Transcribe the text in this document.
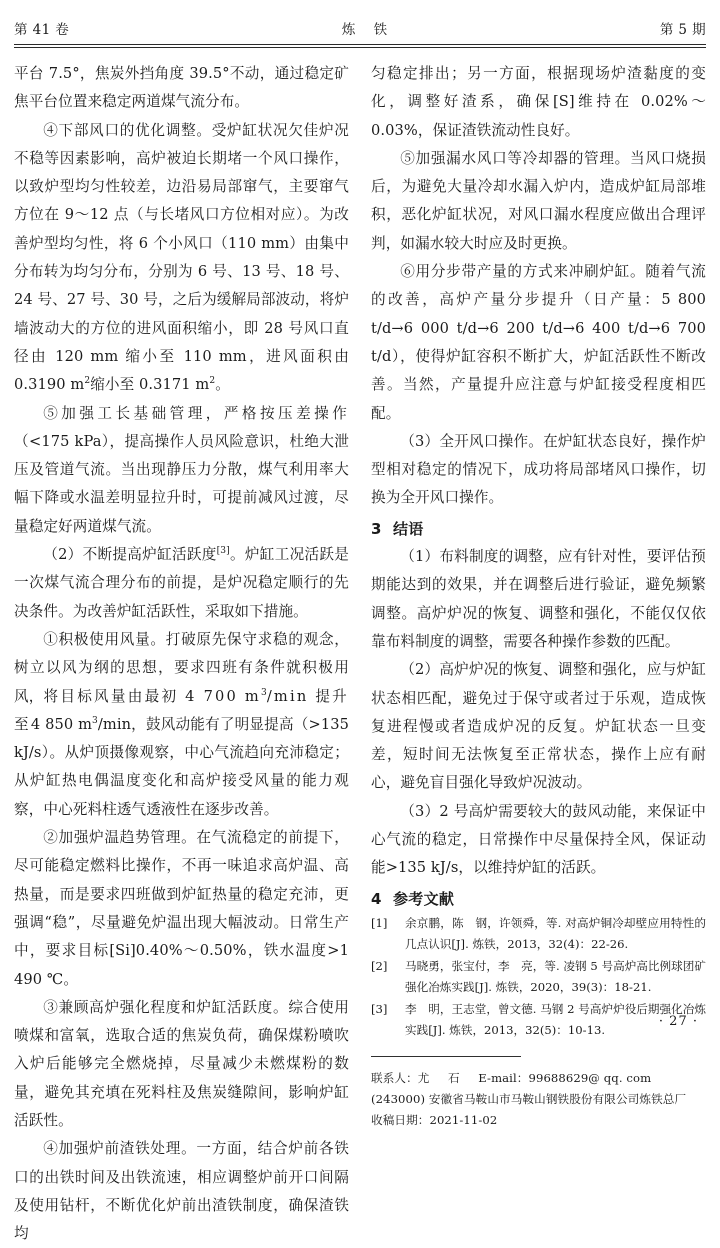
第 41 卷	炼 铁	第 5 期

平台 7.5°，焦炭外挡角度 39.5°不动，通过稳定矿焦平台位置来稳定两道煤气流分布。

④下部风口的优化调整。受炉缸状况欠佳炉况不稳等因素影响，高炉被迫长期堵一个风口操作，以致炉型均匀性较差，边沿易局部窜气，主要窜气方位在 9～12 点（与长堵风口方位相对应）。为改善炉型均匀性，将 6 个小风口（110 mm）由集中分布转为均匀分布，分别为 6 号、13 号、18 号、24 号、27 号、30 号，之后为缓解局部波动，将炉墙波动大的方位的进风面积缩小，即 28 号风口直径由 120 mm 缩小至 110 mm，进风面积由 0.3190 $m^2$缩小至 0.3171 $m^2$。

⑤加强工长基础管理，严格按压差操作（<175 kPa），提高操作人员风险意识，杜绝大泄压及管道气流。当出现静压力分散，煤气利用率大幅下降或水温差明显拉升时，可提前减风过渡，尽量稳定好两道煤气流。

（2）不断提高炉缸活跃度[3]。炉缸工况活跃是一次煤气流合理分布的前提，是炉况稳定顺行的先决条件。为改善炉缸活跃性，采取如下措施。

①积极使用风量。打破原先保守求稳的观念，树立以风为纲的思想，要求四班有条件就积极用风，将目标风量由最初 4 700 $m^3/\min$ 提升至4 850 $m^3/\min$，鼓风动能有了明显提高（>135 kJ/s）。从炉顶摄像观察，中心气流趋向充沛稳定；从炉缸热电偶温度变化和高炉接受风量的能力观察，中心死料柱透气透液性在逐步改善。

②加强炉温趋势管理。在气流稳定的前提下，尽可能稳定燃料比操作，不再一味追求高炉温、高热量，而是要求四班做到炉缸热量的稳定充沛，更强调“稳”，尽量避免炉温出现大幅波动。日常生产中，要求目标[Si]0.40%～0.50%，铁水温度>1 490 ℃。

③兼顾高炉强化程度和炉缸活跃度。综合使用喷煤和富氧，选取合适的焦炭负荷，确保煤粉喷吹入炉后能够完全燃烧掉，尽量减少未燃煤粉的数量，避免其充填在死料柱及焦炭缝隙间，影响炉缸活跃性。

④加强炉前渣铁处理。一方面，结合炉前各铁口的出铁时间及出铁流速，相应调整炉前开口间隔及使用钻杆，不断优化炉前出渣铁制度，确保渣铁均

匀稳定排出；另一方面，根据现场炉渣黏度的变化，调整好渣系，确保[S]维持在 0.02%～0.03%，保证渣铁流动性良好。

⑤加强漏水风口等冷却器的管理。当风口烧损后，为避免大量冷却水漏入炉内，造成炉缸局部堆积，恶化炉缸状况，对风口漏水程度应做出合理评判，如漏水较大时应及时更换。

⑥用分步带产量的方式来冲刷炉缸。随着气流的改善，高炉产量分步提升（日产量：5 800 t/d→6 000 t/d→6 200 t/d→6 400 t/d→6 700 t/d），使得炉缸容积不断扩大，炉缸活跃性不断改善。当然，产量提升应注意与炉缸接受程度相匹配。

（3）全开风口操作。在炉缸状态良好，操作炉型相对稳定的情况下，成功将局部堵风口操作，切换为全开风口操作。

3 结语

（1）布料制度的调整，应有针对性，要评估预期能达到的效果，并在调整后进行验证，避免频繁调整。高炉炉况的恢复、调整和强化，不能仅仅依靠布料制度的调整，需要各种操作参数的匹配。

（2）高炉炉况的恢复、调整和强化，应与炉缸状态相匹配，避免过于保守或者过于乐观，造成恢复进程慢或者造成炉况的反复。炉缸状态一旦变差，短时间无法恢复至正常状态，操作上应有耐心，避免盲目强化导致炉况波动。

（3）2 号高炉需要较大的鼓风动能，来保证中心气流的稳定，日常操作中尽量保持全风，保证动能>135 kJ/s，以维持炉缸的活跃。

4 参考文献
[1]	余京鹏，陈　钢，许领舜，等. 对高炉铜冷却壁应用特性的几点认识[J]. 炼铁，2013，32(4)：22-26.
[2]	马晓勇，张宝付，李　亮，等. 凌钢 5 号高炉高比例球团矿强化冶炼实践[J]. 炼铁，2020，39(3)：18-21.
[3]	李　明，王志堂，曾文德. 马钢 2 号高炉炉役后期强化冶炼实践[J]. 炼铁，2013，32(5)：10-13.

联系人：尤 石 E-mail：99688629@ qq. com

(243000) 安徽省马鞍山市马鞍山钢铁股份有限公司炼铁总厂

收稿日期：2021-11-02

· 27 ·
